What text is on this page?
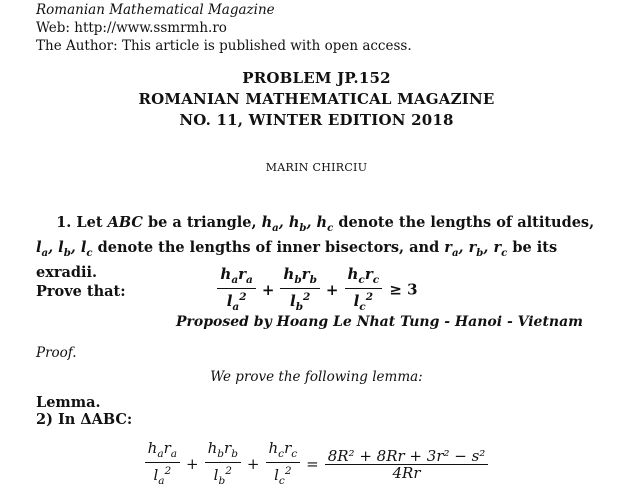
Romanian Mathematical Magazine
Web: http://www.ssmrmh.ro
The Author: This article is published with open access.
PROBLEM JP.152
ROMANIAN MATHEMATICAL MAGAZINE
NO. 11, WINTER EDITION 2018
MARIN CHIRCIU
1. Let ABC be a triangle, $h_a$, $h_b$, $h_c$ denote the lengths of altitudes,
$l_a$, $l_b$, $l_c$ denote the lengths of inner bisectors, and $r_a$, $r_b$, $r_c$ be its exradii.
Prove that:	$\frac{h_ar_a}{l_a^2} + \frac{h_br_b}{l_b^2} + \frac{h_cr_c}{l_c^2} \ge 3$
Proposed by Hoang Le Nhat Tung - Hanoi - Vietnam
Proof.
We prove the following lemma:
Lemma.
2) In ΔABC:
$\frac{h_ar_a}{l_a^2} + \frac{h_br_b}{l_b^2} + \frac{h_cr_c}{l_c^2} = \frac{\text{8R² + 8Rr + 3r² − s²}}{4Rr}$
